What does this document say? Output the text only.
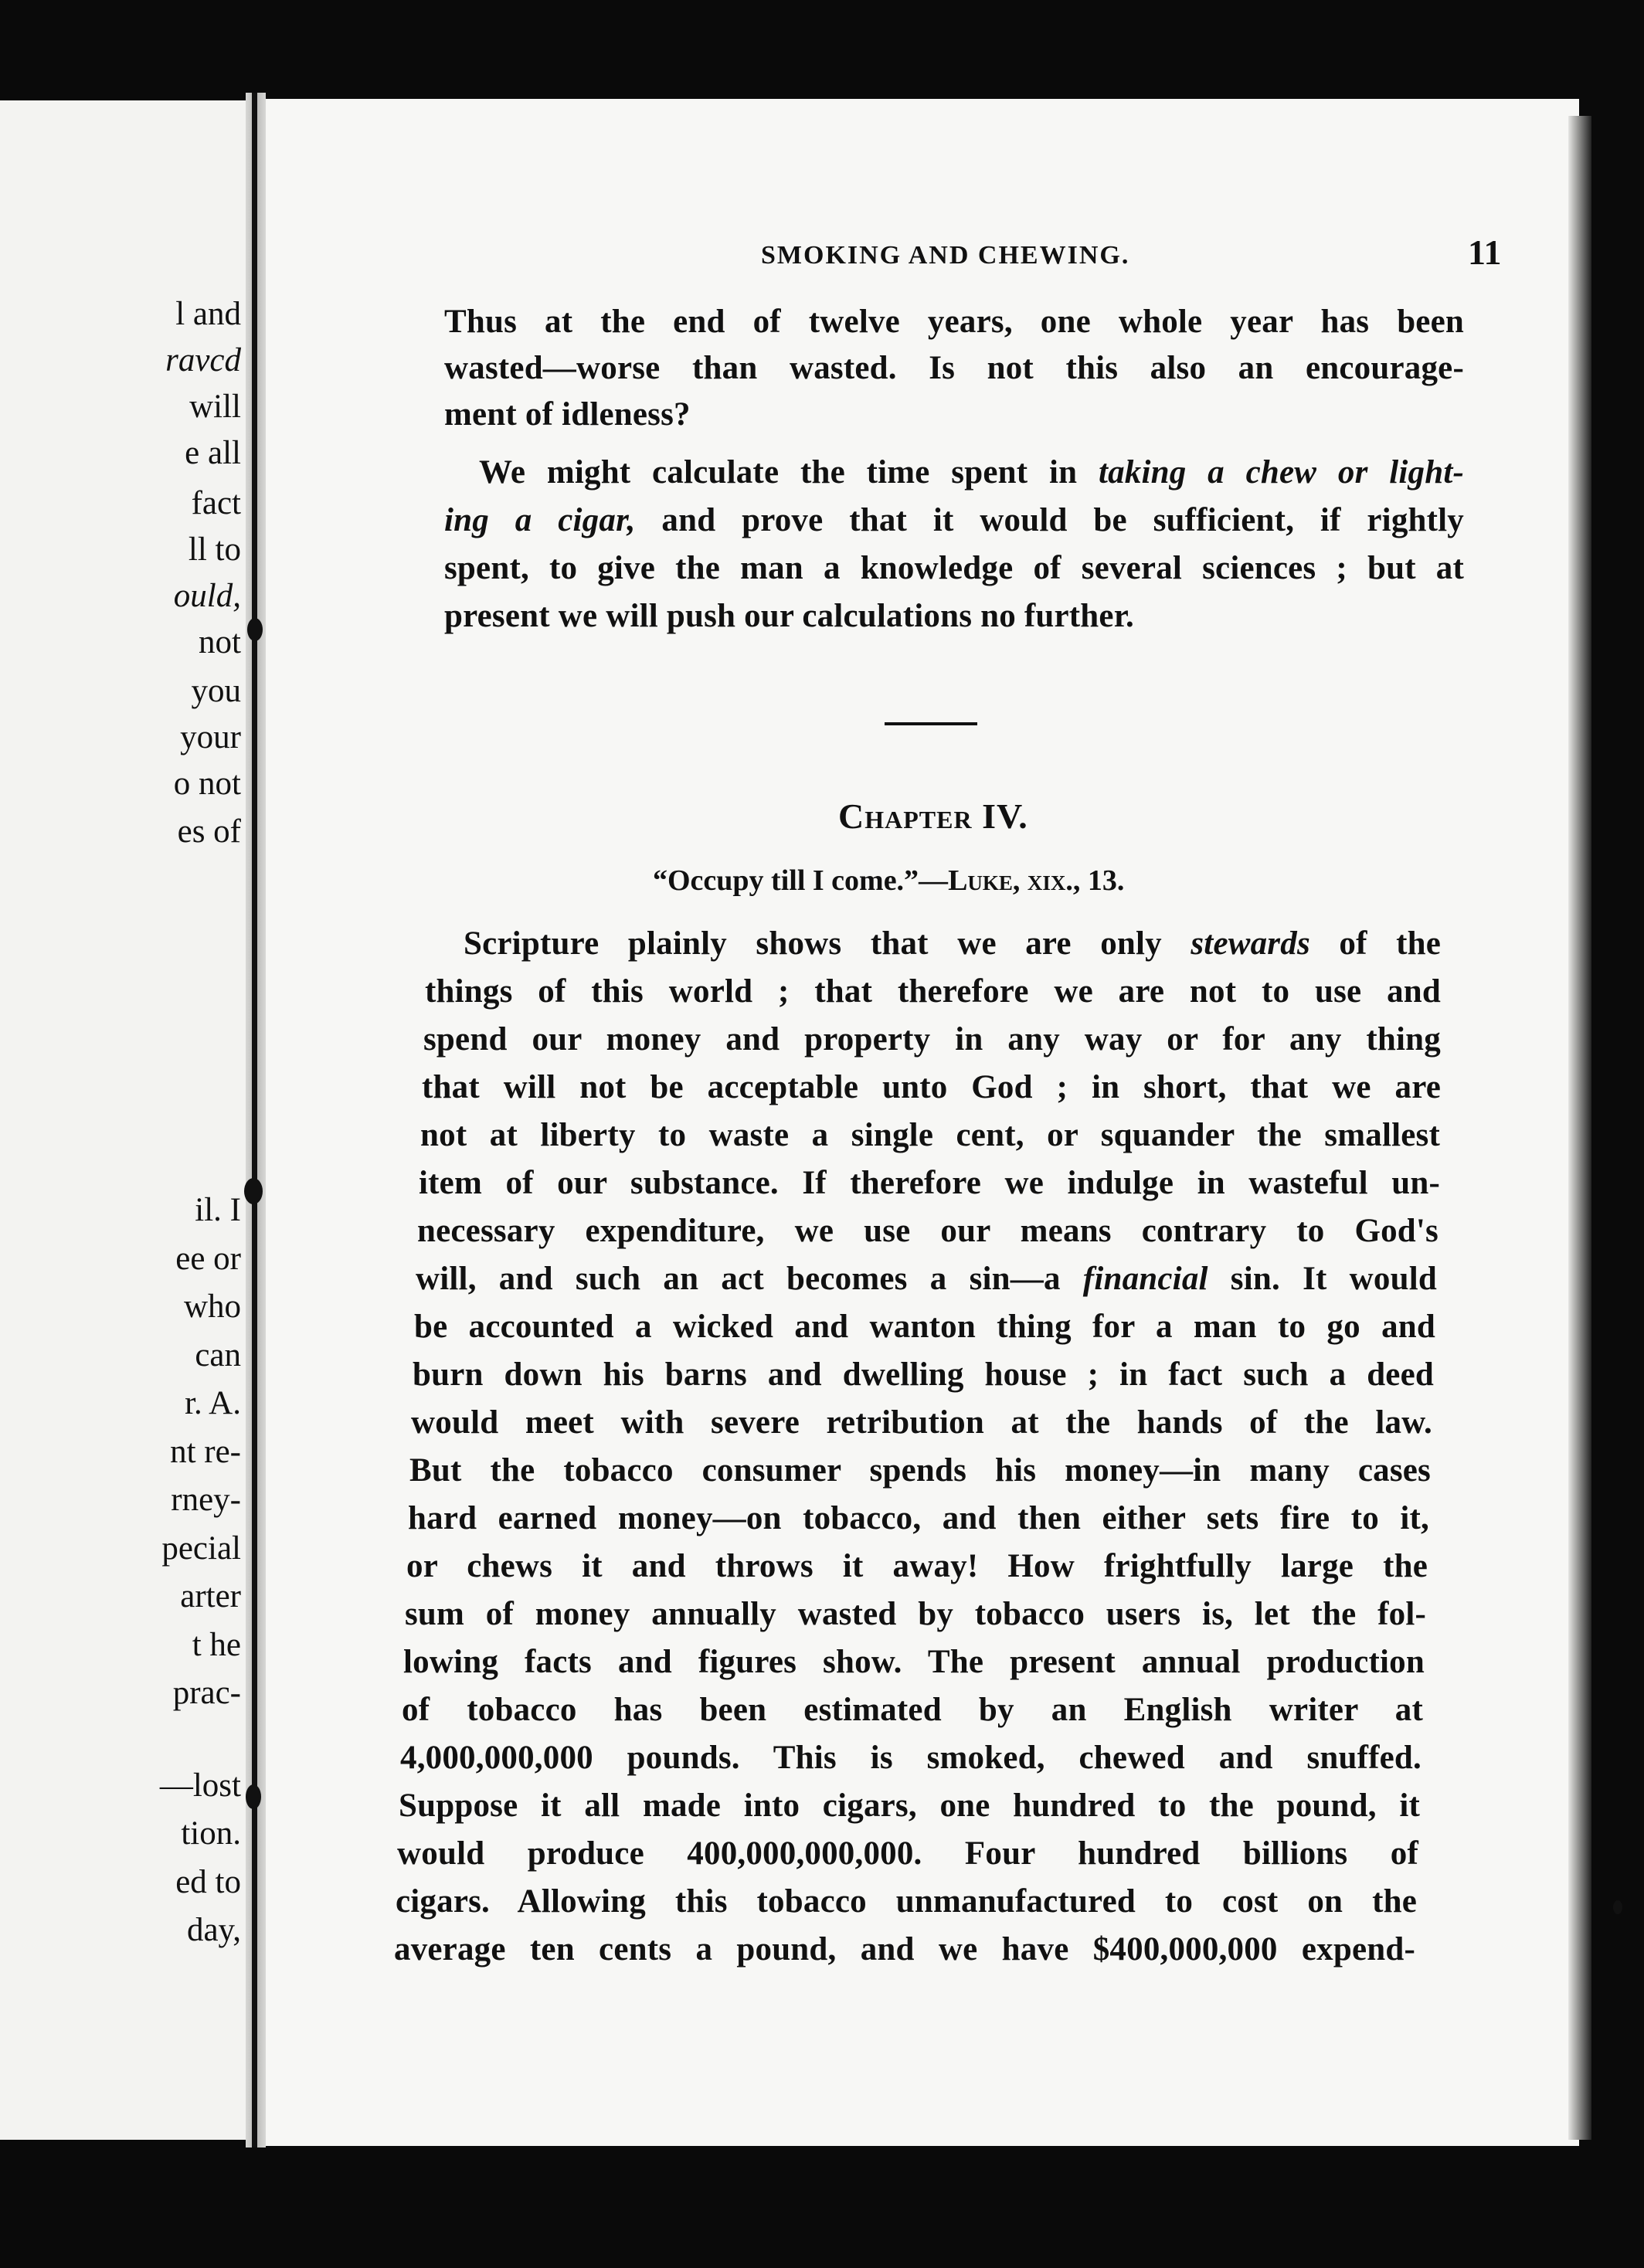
l and
ravcd
will
e all
fact
ll to
ould,
not
you
your
o not
es of
il. I
ee or
who
can
r. A.
nt re-
rney-
pecial
arter
t he
prac-
—lost
tion.
ed to
day,
SMOKING AND CHEWING.	11
Thus at the end of twelve years, one whole year has been
wasted—worse than wasted. Is not this also an encourage-
ment of idleness?
We might calculate the time spent in taking a chew or light-
ing a cigar, and prove that it would be sufficient, if rightly
spent, to give the man a knowledge of several sciences ; but at
present we will push our calculations no further.
Chapter IV.
“Occupy till I come.”—Luke, xix., 13.
Scripture plainly shows that we are only stewards of the
things of this world ; that therefore we are not to use and
spend our money and property in any way or for any thing
that will not be acceptable unto God ; in short, that we are
not at liberty to waste a single cent, or squander the smallest
item of our substance. If therefore we indulge in wasteful un-
necessary expenditure, we use our means contrary to God's
will, and such an act becomes a sin—a financial sin. It would
be accounted a wicked and wanton thing for a man to go and
burn down his barns and dwelling house ; in fact such a deed
would meet with severe retribution at the hands of the law.
But the tobacco consumer spends his money—in many cases
hard earned money—on tobacco, and then either sets fire to it,
or chews it and throws it away! How frightfully large the
sum of money annually wasted by tobacco users is, let the fol-
lowing facts and figures show. The present annual production
of tobacco has been estimated by an English writer at
4,000,000,000 pounds. This is smoked, chewed and snuffed.
Suppose it all made into cigars, one hundred to the pound, it
would produce 400,000,000,000. Four hundred billions of
cigars. Allowing this tobacco unmanufactured to cost on the
average ten cents a pound, and we have $400,000,000 expend-
